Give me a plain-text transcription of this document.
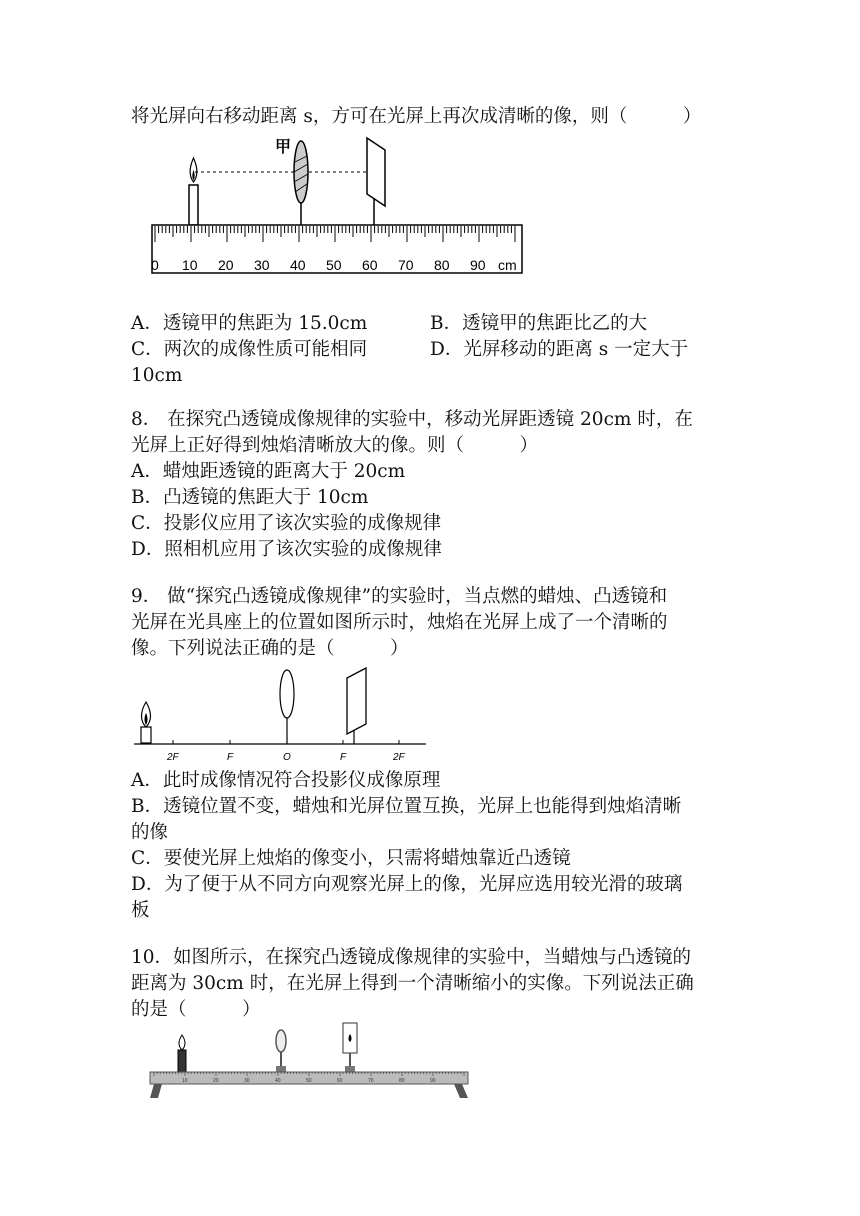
将光屏向右移动距离 s，方可在光屏上再次成清晰的像，则（　　　）
甲
0 10 20 30 40 50 60 70 80 90 cm
A．透镜甲的焦距为 15.0cm	B．透镜甲的焦距比乙的大
C．两次的成像性质可能相同	D．光屏移动的距离 s 一定大于
10cm
8． 在探究凸透镜成像规律的实验中，移动光屏距透镜 20cm 时，在
光屏上正好得到烛焰清晰放大的像。则（　　　）
A．蜡烛距透镜的距离大于 20cm
B．凸透镜的焦距大于 10cm
C．投影仪应用了该次实验的成像规律
D．照相机应用了该次实验的成像规律
9． 做“探究凸透镜成像规律”的实验时，当点燃的蜡烛、凸透镜和
光屏在光具座上的位置如图所示时，烛焰在光屏上成了一个清晰的
像。下列说法正确的是（　　　）
2F	F	O	F	2F
A．此时成像情况符合投影仪成像原理
B．透镜位置不变，蜡烛和光屏位置互换，光屏上也能得到烛焰清晰
的像
C．要使光屏上烛焰的像变小，只需将蜡烛靠近凸透镜
D．为了便于从不同方向观察光屏上的像，光屏应选用较光滑的玻璃
板
10．如图所示，在探究凸透镜成像规律的实验中，当蜡烛与凸透镜的
距离为 30cm 时，在光屏上得到一个清晰缩小的实像。下列说法正确
的是（　　　）
10	20	30	40	50	60	70	80	90
